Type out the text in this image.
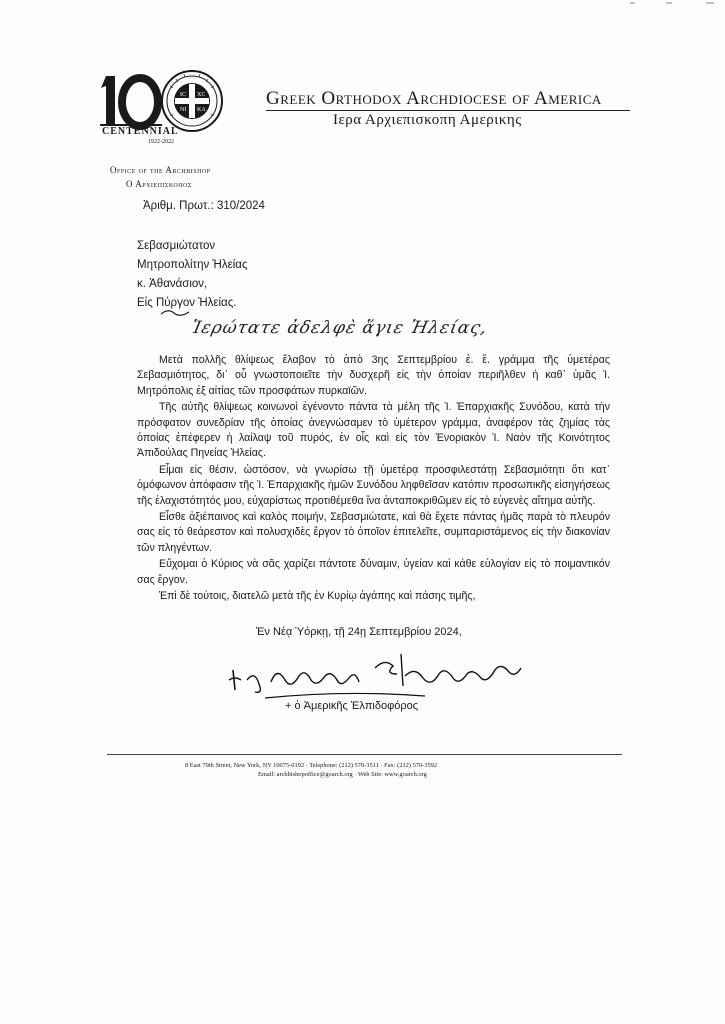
IC XC
NI KA
CENTENNIAL
1922-2022
Greek Orthodox Archdiocese of America
Ιερα Αρχιεπισκοπη Αμερικης
Office of the Archbishop
Ο Αρχιεπισκοπος
Ἀριθμ. Πρωτ.: 310/2024
Σεβασμιώτατον
Μητροπολίτην Ἠλείας
κ. Ἀθανάσιον,
Εἰς Πύργον Ἠλείας.
Ἱερώτατε ἀδελφὲ ἅγιε Ἠλείας,

Μετὰ πολλῆς θλίψεως ἔλαβον τὸ ἀπὸ 3ης Σεπτεμβρίου ἐ. ἔ. γράμμα τῆς ὑμετέρας Σεβασμιότητος, δι᾽ οὗ γνωστοποιεῖτε τὴν δυσχερῆ εἰς τὴν ὁποίαν περιῆλθεν ἡ καθ᾽ ὑμᾶς Ἱ. Μητρόπολις ἐξ αἰτίας τῶν προσφάτων πυρκαϊῶν.

Τῆς αὐτῆς θλίψεως κοινωνοὶ ἐγένοντο πάντα τὰ μέλη τῆς Ἱ. Ἐπαρχιακῆς Συνόδου, κατὰ τὴν πρόσφατον συνεδρίαν τῆς ὁποίας ἀνεγνώσαμεν τὸ ὑμέτερον γράμμα, ἀναφέρον τὰς ζημίας τὰς ὁποίας ἐπέφερεν ἡ λαίλαψ τοῦ πυρός, ἐν οἷς καὶ εἰς τὸν Ἐνοριακὸν Ἱ. Ναὸν τῆς Κοινότητος Ἀπιδούλας Πηνείας Ἠλείας.

Εἶμαι εἰς θέσιν, ὡστόσον, νὰ γνωρίσω τῇ ὑμετέρᾳ προσφιλεστάτῃ Σεβασμιότητι ὅτι κατ᾽ ὁμόφωνον ἀπόφασιν τῆς Ἱ. Ἐπαρχιακῆς ἡμῶν Συνόδου ληφθεῖσαν κατόπιν προσωπικῆς εἰσηγήσεως τῆς ἐλαχιστότητός μου, εὐχαρίστως προτιθέμεθα ἵνα ἀνταποκριθῶμεν εἰς τὸ εὐγενὲς αἴτημα αὐτῆς.

Εἶσθε ἀξιέπαινος καὶ καλὸς ποιμήν, Σεβασμιώτατε, καὶ θὰ ἔχετε πάντας ἡμᾶς παρὰ τὸ πλευρόν σας εἰς τὸ θεάρεστον καὶ πολυσχιδὲς ἔργον τὸ ὁποῖον ἐπιτελεῖτε, συμπαριστάμενος εἰς τὴν διακονίαν τῶν πληγέντων.

Εὔχομαι ὁ Κύριος νὰ σᾶς χαρίζει πάντοτε δύναμιν, ὑγείαν καὶ κάθε εὐλογίαν εἰς τὸ ποιμαντικόν σας ἔργον.

Ἐπὶ δὲ τούτοις, διατελῶ μετὰ τῆς ἐν Κυρίῳ ἀγάπης καὶ πάσης τιμῆς,

Ἐν Νέᾳ Ὑόρκῃ, τῇ 24ῃ Σεπτεμβρίου 2024,
+ ὁ Ἀμερικῆς Ἐλπιδοφόρος
8 East 79th Street, New York, NY 10075-0192 · Telephone: (212) 570-3511 · Fax: (212) 570-3592
Email: archbishopoffice@goarch.org · Web Site: www.goarch.org
